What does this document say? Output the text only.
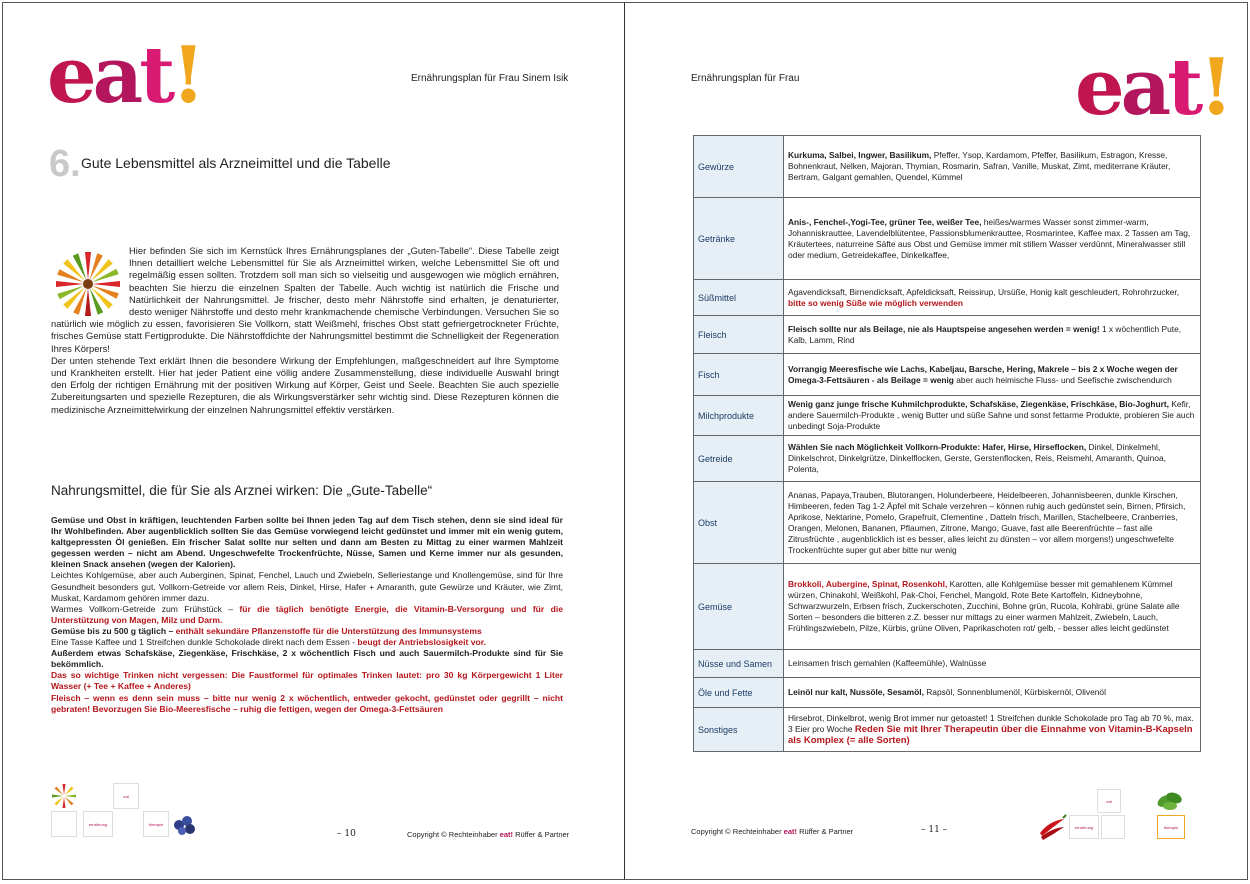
eat!	Ernährungsplan für Frau Sinem Isik
6. Gute Lebensmittel als Arzneimittel und die Tabelle
Hier befinden Sie sich im Kernstück Ihres Ernährungsplanes der „Guten-Tabelle“. Diese Tabelle zeigt Ihnen detailliert welche Lebensmittel für Sie als Arzneimittel wirken, welche Lebensmittel Sie oft und regelmäßig essen sollten. Trotzdem soll man sich so vielseitig und ausgewogen wie möglich ernähren, beachten Sie hierzu die einzelnen Spalten der Tabelle. Auch wichtig ist natürlich die Frische und Natürlichkeit der Nahrungsmittel. Je frischer, desto mehr Nährstoffe sind erhalten, je denaturierter, desto weniger Nährstoffe und desto mehr krankmachende chemische Verbindungen. Versuchen Sie so natürlich wie möglich zu essen, favorisieren Sie Vollkorn, statt Weißmehl, frisches Obst statt gefriergetrockneter Früchte, frisches Gemüse statt Fertigprodukte. Die Nährstoffdichte der Nahrungsmittel bestimmt die Schnelligkeit der Regeneration Ihres Körpers!
Der unten stehende Text erklärt Ihnen die besondere Wirkung der Empfehlungen, maßgeschneidert auf Ihre Symptome und Krankheiten erstellt. Hier hat jeder Patient eine völlig andere Zusammenstellung, diese individuelle Auswahl bringt den Erfolg der richtigen Ernährung mit der positiven Wirkung auf Körper, Geist und Seele. Beachten Sie auch spezielle Zubereitungsarten und spezielle Rezepturen, die als Wirkungsverstärker sehr wichtig sind. Diese Rezepturen können die medizinische Arzneimittelwirkung der einzelnen Nahrungsmittel effektiv verstärken.
Nahrungsmittel, die für Sie als Arznei wirken: Die „Gute-Tabelle“

Gemüse und Obst in kräftigen, leuchtenden Farben sollte bei Ihnen jeden Tag auf dem Tisch stehen, denn sie sind ideal für Ihr Wohlbefinden. Aber augenblicklich sollten Sie das Gemüse vorwiegend leicht gedünstet und immer mit ein wenig gutem, kaltgepressten Öl genießen. Ein frischer Salat sollte nur selten und dann am Besten zu Mittag zu einer warmen Mahlzeit gegessen werden – nicht am Abend. Ungeschwefelte Trockenfrüchte, Nüsse, Samen und Kerne immer nur als gesunden, kleinen Snack ansehen (wegen der Kalorien).

Leichtes Kohlgemüse, aber auch Auberginen, Spinat, Fenchel, Lauch und Zwiebeln, Selleriestange und Knollengemüse, sind für Ihre Gesundheit besonders gut. Vollkorn-Getreide vor allem Reis, Dinkel, Hirse, Hafer + Amaranth, gute Gewürze und Kräuter, wie Zimt, Muskat, Kardamom gehören immer dazu.

Warmes Vollkorn-Getreide zum Frühstück – für die täglich benötigte Energie, die Vitamin-B-Versorgung und für die Unterstützung von Magen, Milz und Darm.

Gemüse bis zu 500 g täglich – enthält sekundäre Pflanzenstoffe für die Unterstützung des Immunsystems

Eine Tasse Kaffee und 1 Streifchen dunkle Schokolade direkt nach dem Essen - beugt der Antriebslosigkeit vor.

Außerdem etwas Schafskäse, Ziegenkäse, Frischkäse, 2 x wöchentlich Fisch und auch Sauermilch-Produkte sind für Sie bekömmlich.

Das so wichtige Trinken nicht vergessen: Die Faustformel für optimales Trinken lautet: pro 30 kg Körpergewicht 1 Liter Wasser (+ Tee + Kaffee + Anderes)

Fleisch – wenn es denn sein muss – bitte nur wenig 2 x wöchentlich, entweder gekocht, gedünstet oder gegrillt – nicht gebraten! Bevorzugen Sie Bio-Meeresfische – ruhig die fettigen, wegen der Omega-3-Fettsäuren

eat
ernährung	therapie
– 10	Copyright © Rechteinhaber eat! Rüffer & Partner
Ernährungsplan für Frau	eat!
Gewürze	Kurkuma, Salbei, Ingwer, Basilikum, Pfeffer, Ysop, Kardamom, Pfeffer, Basilikum, Estragon, Kresse, Bohnenkraut, Nelken, Majoran, Thymian, Rosmarin, Safran, Vanille, Muskat, Zimt, mediterrane Kräuter, Bertram, Galgant gemahlen, Quendel, Kümmel
Getränke	Anis-, Fenchel-,Yogi-Tee, grüner Tee, weißer Tee, heißes/warmes Wasser sonst zimmer-warm, Johanniskrauttee, Lavendelblütentee, Passionsblumenkrauttee, Rosmarintee, Kaffee max. 2 Tassen am Tag, Kräutertees, naturreine Säfte aus Obst und Gemüse immer mit stillem Wasser verdünnt, Mineralwasser still oder medium, Getreidekaffee, Dinkelkaffee,
Süßmittel	Agavendicksaft, Birnendicksaft, Apfeldicksaft, Reissirup, Ursüße, Honig kalt geschleudert, Rohrohrzucker, bitte so wenig Süße wie möglich verwenden
Fleisch	Fleisch sollte nur als Beilage, nie als Hauptspeise angesehen werden = wenig! 1 x wöchentlich Pute, Kalb, Lamm, Rind
Fisch	Vorrangig Meeresfische wie Lachs, Kabeljau, Barsche, Hering, Makrele – bis 2 x Woche wegen der Omega-3-Fettsäuren - als Beilage = wenig aber auch heimische Fluss- und Seefische zwischendurch
Milchprodukte	Wenig ganz junge frische Kuhmilchprodukte, Schafskäse, Ziegenkäse, Frischkäse, Bio-Joghurt, Kefir, andere Sauermilch-Produkte , wenig Butter und süße Sahne und sonst fettarme Produkte, probieren Sie auch unbedingt Soja-Produkte
Getreide	Wählen Sie nach Möglichkeit Vollkorn-Produkte: Hafer, Hirse, Hirseflocken, Dinkel, Dinkelmehl, Dinkelschrot, Dinkelgrütze, Dinkelflocken, Gerste, Gerstenflocken, Reis, Reismehl, Amaranth, Quinoa, Polenta,
Obst	Ananas, Papaya,Trauben, Blutorangen, Holunderbeere, Heidelbeeren, Johannisbeeren, dunkle Kirschen, Himbeeren, feden Tag 1-2 Äpfel mit Schale verzehren – können ruhig auch gedünstet sein, Birnen, Pfirsich, Aprikose, Nektarine, Pomelo, Grapefruit, Clementine , Datteln frisch, Marillen, Stachelbeere, Cranberries, Orangen, Melonen, Bananen, Pflaumen, Zitrone, Mango, Guave, fast alle Beerenfrüchte – fast alle Zitrusfrüchte , augenblicklich ist es besser, alles leicht zu dünsten – vor allem morgens!) ungeschwefelte Trockenfrüchte super gut aber bitte nur wenig
Gemüse	Brokkoli, Aubergine, Spinat, Rosenkohl, Karotten, alle Kohlgemüse besser mit gemahlenem Kümmel würzen, Chinakohl, Weißkohl, Pak-Choi, Fenchel, Mangold, Rote Bete Kartoffeln, Kidneybohne, Schwarzwurzeln, Erbsen frisch, Zuckerschoten, Zucchini, Bohne grün, Rucola, Kohlrabi, grüne Salate alle Sorten – besonders die bitteren z.Z. besser nur mittags zu einer warmen Mahlzeit, Zwiebeln, Lauch, Frühlingszwiebeln, Pilze, Kürbis, grüne Oliven, Paprikaschoten rot/ gelb, - besser alles leicht gedünstet
Nüsse und Samen	Leinsamen frisch gemahlen (Kaffeemühle), Walnüsse
Öle und Fette	Leinöl nur kalt, Nussöle, Sesamöl, Rapsöl, Sonnenblumenöl, Kürbiskernöl, Olivenöl
Sonstiges	Hirsebrot, Dinkelbrot, wenig Brot immer nur getoastet! 1 Streifchen dunkle Schokolade pro Tag ab 70 %, max. 3 Eier pro Woche Reden Sie mit Ihrer Therapeutin über die Einnahme von Vitamin-B-Kapseln als Komplex (= alle Sorten)
Copyright © Rechteinhaber eat! Rüffer & Partner	– 11 –
eat
ernährung	therapie
